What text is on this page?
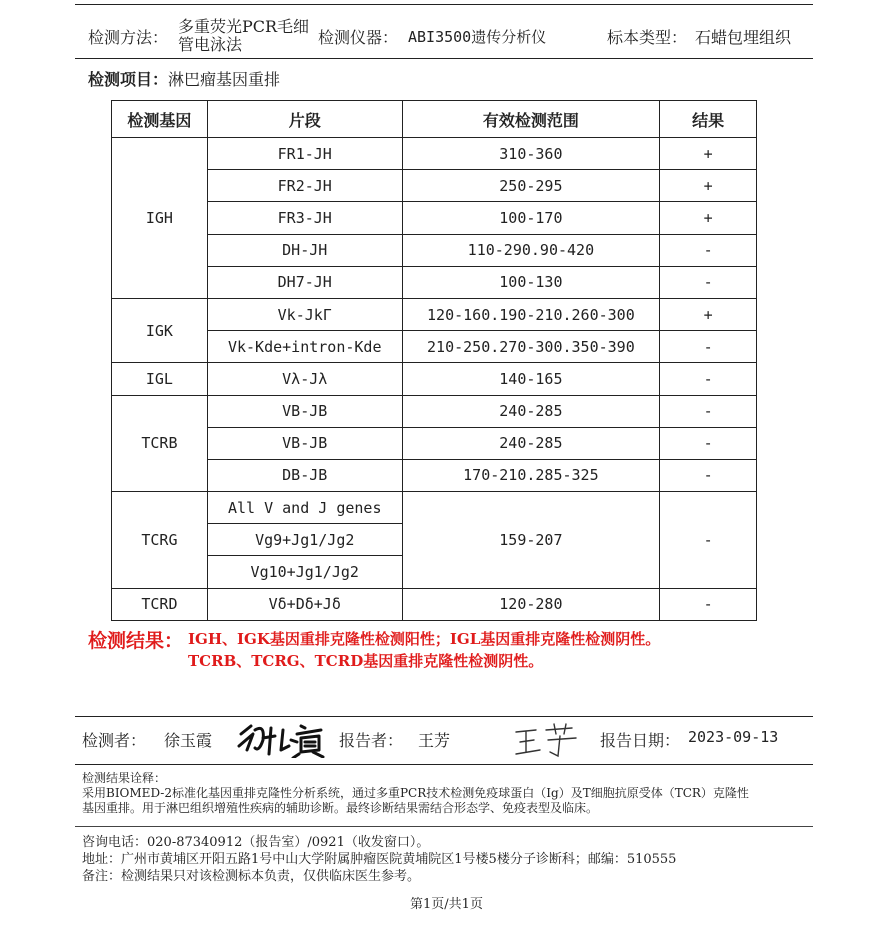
检测方法：
多重荧光PCR毛细
管电泳法	检测仪器： ABI3500遗传分析仪	标本类型： 石蜡包埋组织
检测项目：淋巴瘤基因重排
检测基因	片段	有效检测范围	结果
IGH	FR1-JH	310-360	+
	FR2-JH	250-295	+
	FR3-JH	100-170	+
	DH-JH	110-290.90-420	-
	DH7-JH	100-130	-
IGK	Vk-JkΓ	120-160.190-210.260-300	+
	Vk-Kde+intron-Kde	210-250.270-300.350-390	-
IGL	Vλ-Jλ	140-165	-
TCRB	VB-JB	240-285	-
	VB-JB	240-285	-
	DB-JB	170-210.285-325	-
TCRG	All V and J genes	159-207	-
	Vg9+Jg1/Jg2		
	Vg10+Jg1/Jg2		
TCRD	Vδ+Dδ+Jδ	120-280	-
检测结果： IGH、IGK基因重排克隆性检测阳性；IGL基因重排克隆性检测阴性。
TCRB、TCRG、TCRD基因重排克隆性检测阴性。
检测者： 徐玉霞	报告者： 王芳	报告日期： 2023-09-13
检测结果诠释：
采用BIOMED-2标准化基因重排克隆性分析系统，通过多重PCR技术检测免疫球蛋白（Ig）及T细胞抗原受体（TCR）克隆性
基因重排。用于淋巴组织增殖性疾病的辅助诊断。最终诊断结果需结合形态学、免疫表型及临床。
咨询电话：020-87340912（报告室）/0921（收发窗口）。
地址：广州市黄埔区开阳五路1号中山大学附属肿瘤医院黄埔院区1号楼5楼分子诊断科；邮编：510555
备注：检测结果只对该检测标本负责，仅供临床医生参考。
第1页/共1页
